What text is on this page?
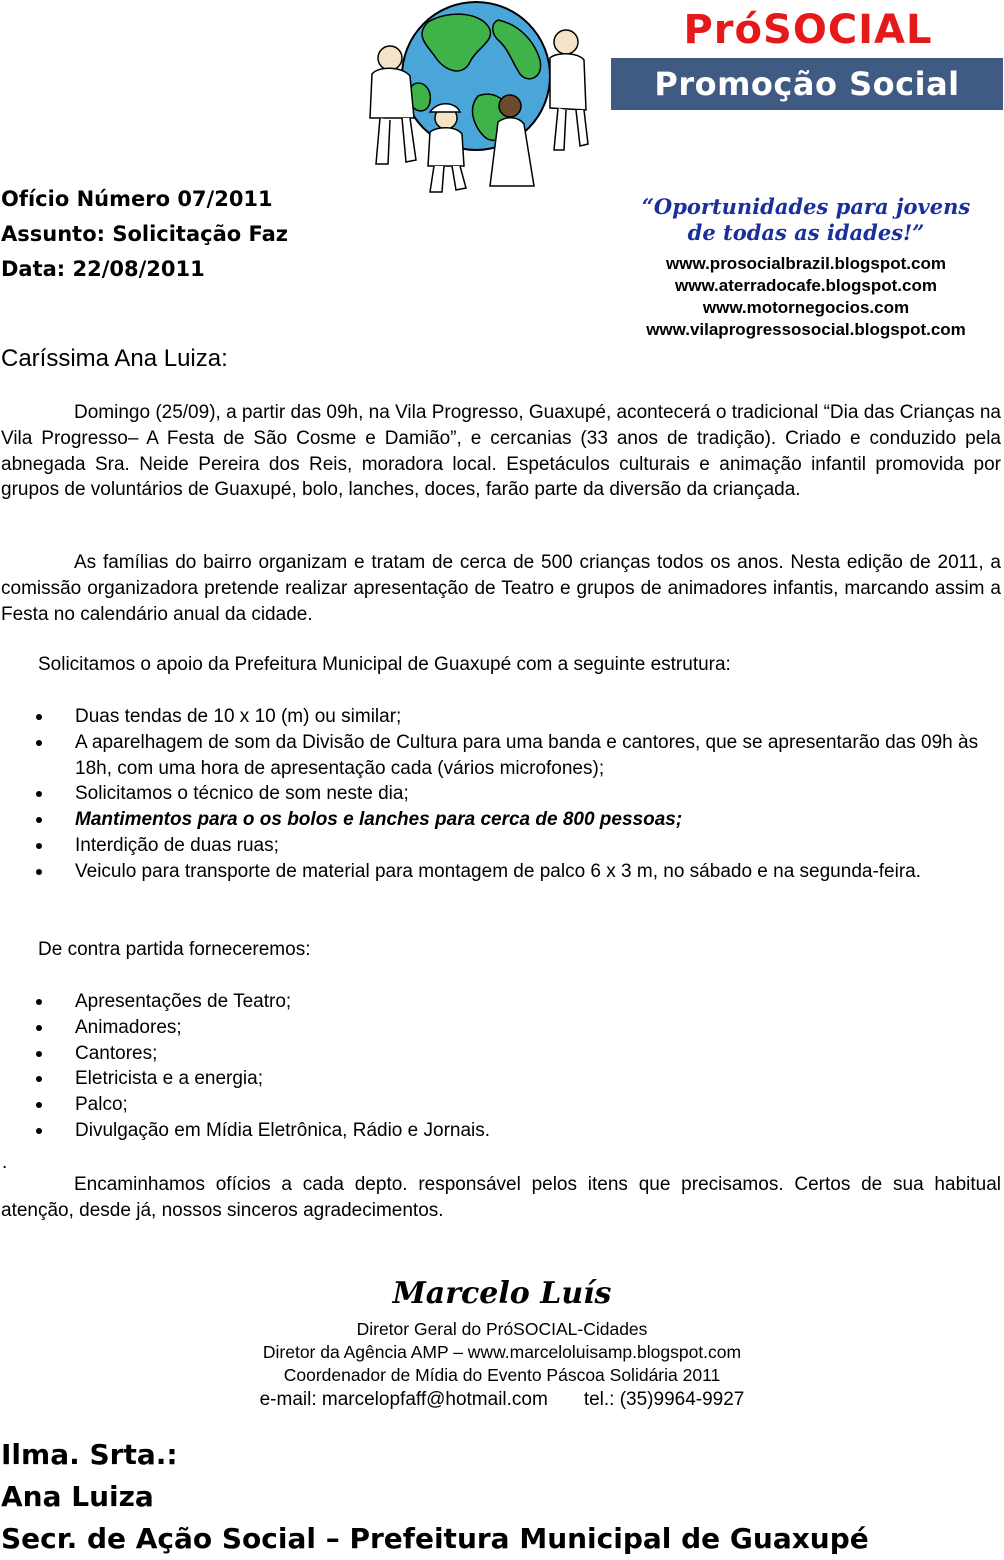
PróSOCIAL
Promoção Social
“Oportunidades para jovens
de todas as idades!”
www.prosocialbrazil.blogspot.com
www.aterradocafe.blogspot.com
www.motornegocios.com
www.vilaprogressosocial.blogspot.com
Ofício Número 07/2011
Assunto: Solicitação Faz
Data: 22/08/2011
Caríssima Ana Luiza:
Domingo (25/09), a partir das 09h, na Vila Progresso, Guaxupé, acontecerá o tradicional “Dia das Crianças na Vila Progresso– A Festa de São Cosme e Damião”, e cercanias (33 anos de tradição). Criado e conduzido pela abnegada Sra. Neide Pereira dos Reis, moradora local. Espetáculos culturais e animação infantil promovida por grupos de voluntários de Guaxupé, bolo, lanches, doces, farão parte da diversão da criançada.
As famílias do bairro organizam e tratam de cerca de 500 crianças todos os anos. Nesta edição de 2011, a comissão organizadora pretende realizar apresentação de Teatro e grupos de animadores infantis, marcando assim a Festa no calendário anual da cidade.
Solicitamos o apoio da Prefeitura Municipal de Guaxupé com a seguinte estrutura:
Duas tendas de 10 x 10 (m) ou similar;
A aparelhagem de som da Divisão de Cultura para uma banda e cantores, que se apresentarão das 09h às 18h, com uma hora de apresentação cada (vários microfones);
Solicitamos o técnico de som neste dia;
Mantimentos para o os bolos e lanches para cerca de 800 pessoas;
Interdição de duas ruas;
Veiculo para transporte de material para montagem de palco 6 x 3 m, no sábado e na segunda-feira.
De contra partida forneceremos:
Apresentações de Teatro;
Animadores;
Cantores;
Eletricista e a energia;
Palco;
Divulgação em Mídia Eletrônica, Rádio e Jornais.
.
Encaminhamos ofícios a cada depto. responsável pelos itens que precisamos. Certos de sua habitual atenção, desde já, nossos sinceros agradecimentos.
Marcelo Luís
Diretor Geral do PróSOCIAL-Cidades
Diretor da Agência AMP – www.marceloluisamp.blogspot.com
Coordenador de Mídia do Evento Páscoa Solidária 2011
e-mail: marcelopfaff@hotmail.com tel.: (35)9964-9927
Ilma. Srta.:
Ana Luiza
Secr. de Ação Social – Prefeitura Municipal de Guaxupé
